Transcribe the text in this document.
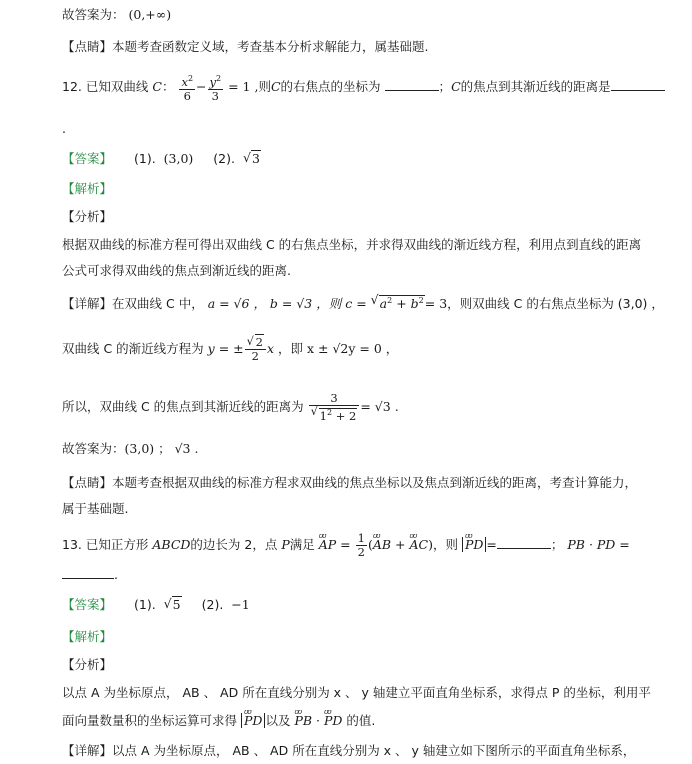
故答案为： (0,+∞)
【点睛】本题考查函数定义域，考查基本分析求解能力，属基础题.
12. 已知双曲线 C： $\frac{x^2}{6} - \frac{y^2}{3} = 1$ ,则C的右焦点的坐标为	；C的焦点到其渐近线的距离是
.
【答案】 (1). (3,0) (2). √ 3
【解析】
【分析】
根据双曲线的标准方程可得出双曲线 C 的右焦点坐标，并求得双曲线的渐近线方程，利用点到直线的距离
公式可求得双曲线的焦点到渐近线的距离.
【详解】在双曲线 C 中， a = √6 ， b = √3 ，则 c = √ $a^2 + b^2= 3$，则双曲线 C 的右焦点坐标为 (3,0) ，
双曲线 C 的渐近线方程为 y = ± √ $\frac{2}{2}$ x ，即 x ± √2y = 0 ，
所以，双曲线 C 的焦点到其渐近线的距离为 3
√ $1^2 + 2 = √3$ .
故答案为：(3,0) ； √3 .
【点睛】本题考查根据双曲线的标准方程求双曲线的焦点坐标以及焦点到渐近线的距离，考查计算能力，
属于基础题.
13. 已知正方形 ABCD的边长为 2，点 P满足 ʊʊ AP = $\frac{1}{2}$ (ʊʊ AB + ʊʊ AC)，则 ʊʊ PD =	； PB · PD =
.
【答案】 (1). √ 5 (2). −1
【解析】
【分析】
以点 A 为坐标原点， AB 、 AD 所在直线分别为 x 、 y 轴建立平面直角坐标系，求得点 P 的坐标，利用平
面向量数量积的坐标运算可求得 ʊʊ PD 以及 ʊʊ PB · ʊʊ PD 的值.
【详解】以点 A 为坐标原点， AB 、 AD 所在直线分别为 x 、 y 轴建立如下图所示的平面直角坐标系，
